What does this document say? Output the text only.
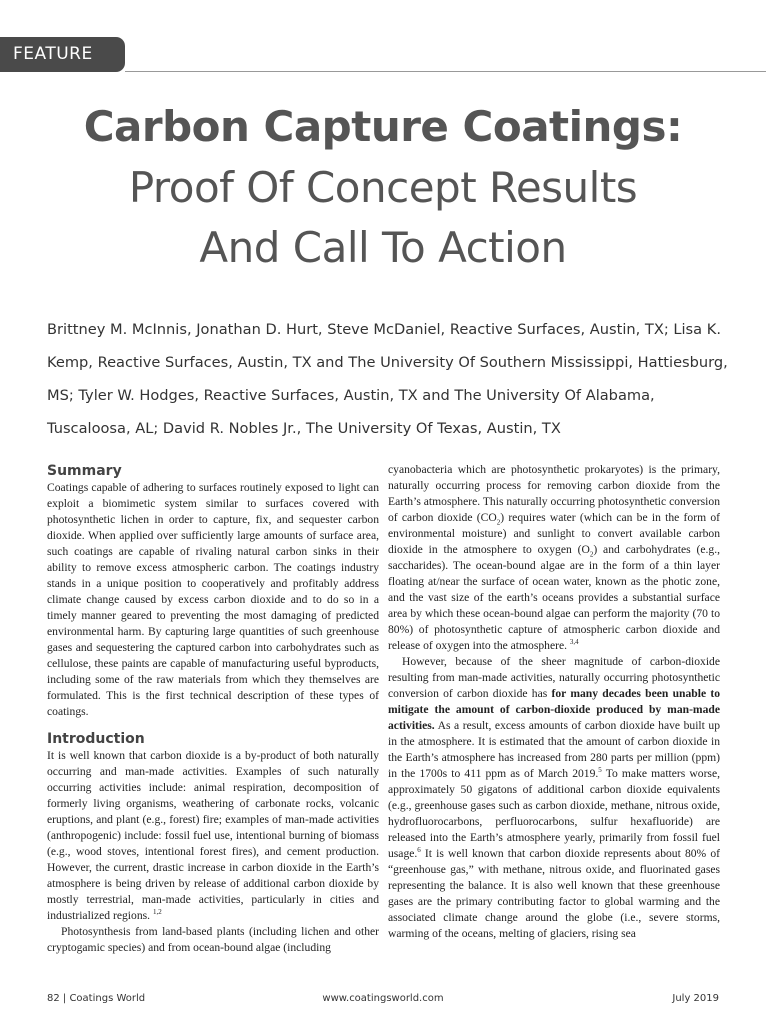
FEATURE
Carbon Capture Coatings:
Proof Of Concept Results
And Call To Action
Brittney M. McInnis, Jonathan D. Hurt, Steve McDaniel, Reactive Surfaces, Austin, TX; Lisa K. Kemp, Reactive Surfaces, Austin, TX and The University Of Southern Mississippi, Hattiesburg, MS; Tyler W. Hodges, Reactive Surfaces, Austin, TX and The University Of Alabama, Tuscaloosa, AL; David R. Nobles Jr., The University Of Texas, Austin, TX
Summary

Coatings capable of adhering to surfaces routinely exposed to light can exploit a biomimetic system similar to surfaces covered with photosynthetic lichen in order to capture, fix, and sequester carbon dioxide. When applied over sufficiently large amounts of surface area, such coatings are capable of rivaling natural carbon sinks in their ability to remove excess atmospheric carbon. The coatings industry stands in a unique position to cooperatively and profitably address climate change caused by excess carbon dioxide and to do so in a timely manner geared to preventing the most damaging of predicted environmental harm. By capturing large quantities of such greenhouse gases and sequestering the captured carbon into carbohydrates such as cellulose, these paints are capable of manufacturing useful byproducts, including some of the raw materials from which they themselves are formulated. This is the first technical description of these types of coatings.

Introduction

It is well known that carbon dioxide is a by-product of both naturally occurring and man-made activities. Examples of such naturally occurring activities include: animal respiration, decomposition of formerly living organisms, weathering of carbonate rocks, volcanic eruptions, and plant (e.g., forest) fire; examples of man-made activities (anthropogenic) include: fossil fuel use, intentional burning of biomass (e.g., wood stoves, intentional forest fires), and cement production. However, the current, drastic increase in carbon dioxide in the Earth’s atmosphere is being driven by release of additional carbon dioxide by mostly terrestrial, man-made activities, particularly in cities and industrialized regions. $^{1,2}$

Photosynthesis from land-based plants (including lichen and other cryptogamic species) and from ocean-bound algae (including

cyanobacteria which are photosynthetic prokaryotes) is the primary, naturally occurring process for removing carbon dioxide from the Earth’s atmosphere. This naturally occurring photosynthetic conversion of carbon dioxide $(CO_2)$ requires water (which can be in the form of environmental moisture) and sunlight to convert available carbon dioxide in the atmosphere to oxygen $(O_2)$ and carbohydrates (e.g., saccharides). The ocean-bound algae are in the form of a thin layer floating at/near the surface of ocean water, known as the photic zone, and the vast size of the earth’s oceans provides a substantial surface area by which these ocean-bound algae can perform the majority (70 to 80%) of photosynthetic capture of atmospheric carbon dioxide and release of oxygen into the atmosphere. $^{3,4}$

However, because of the sheer magnitude of carbon-dioxide resulting from man-made activities, naturally occurring photosynthetic conversion of carbon dioxide has for many decades been unable to mitigate the amount of carbon-dioxide produced by man-made activities. As a result, excess amounts of carbon dioxide have built up in the atmosphere. It is estimated that the amount of carbon dioxide in the Earth’s atmosphere has increased from 280 parts per million (ppm) in the 1700s to 411 ppm as of March 2019.$^5$ To make matters worse, approximately 50 gigatons of additional carbon dioxide equivalents (e.g., greenhouse gases such as carbon dioxide, methane, nitrous oxide, hydrofluorocarbons, perfluorocarbons, sulfur hexafluoride) are released into the Earth’s atmosphere yearly, primarily from fossil fuel usage.$^6$ It is well known that carbon dioxide represents about 80% of “greenhouse gas,” with methane, nitrous oxide, and fluorinated gases representing the balance. It is also well known that these greenhouse gases are the primary contributing factor to global warming and the associated climate change around the globe (i.e., severe storms, warming of the oceans, melting of glaciers, rising sea

82 | Coatings World	www.coatingsworld.com	July 2019
